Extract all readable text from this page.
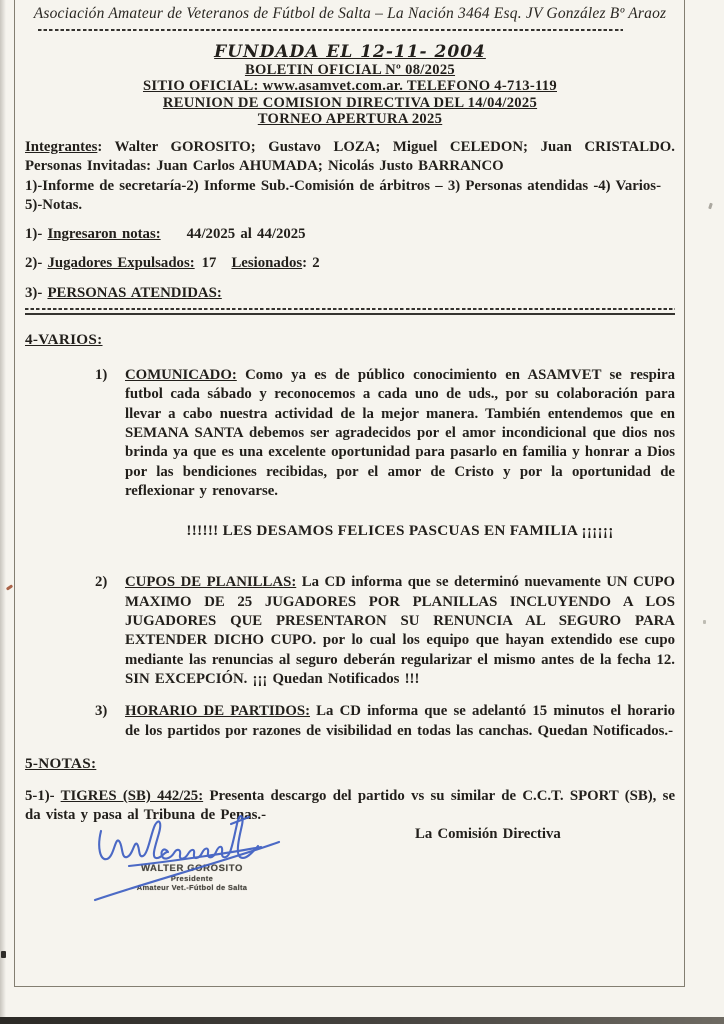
Asociación Amateur de Veteranos de Fútbol de Salta – La Nación 3464 Esq. JV González Bº Araoz
FUNDADA EL 12-11- 2004
BOLETIN OFICIAL Nº 08/2025
SITIO OFICIAL: www.asamvet.com.ar. TELEFONO 4-713-119
REUNION DE COMISION DIRECTIVA DEL 14/04/2025
TORNEO APERTURA 2025
Integrantes: Walter GOROSITO; Gustavo LOZA; Miguel CELEDON; Juan CRISTALDO. Personas Invitadas: Juan Carlos AHUMADA; Nicolás Justo BARRANCO
1)-Informe de secretaría-2) Informe Sub.-Comisión de árbitros – 3) Personas atendidas -4) Varios- 5)-Notas.
1)- Ingresaron notas: 44/2025 al 44/2025
2)- Jugadores Expulsados: 17 Lesionados: 2
3)- PERSONAS ATENDIDAS:
4-VARIOS:
1)	COMUNICADO: Como ya es de público conocimiento en ASAMVET se respira futbol cada sábado y reconocemos a cada uno de uds., por su colaboración para llevar a cabo nuestra actividad de la mejor manera. También entendemos que en SEMANA SANTA debemos ser agradecidos por el amor incondicional que dios nos brinda ya que es una excelente oportunidad para pasarlo en familia y honrar a Dios por las bendiciones recibidas, por el amor de Cristo y por la oportunidad de reflexionar y renovarse.
!!!!!! LES DESAMOS FELICES PASCUAS EN FAMILIA ¡¡¡¡¡¡
2)	CUPOS DE PLANILLAS: La CD informa que se determinó nuevamente UN CUPO MAXIMO DE 25 JUGADORES POR PLANILLAS INCLUYENDO A LOS JUGADORES QUE PRESENTARON SU RENUNCIA AL SEGURO PARA EXTENDER DICHO CUPO. por lo cual los equipo que hayan extendido ese cupo mediante las renuncias al seguro deberán regularizar el mismo antes de la fecha 12. SIN EXCEPCIÓN. ¡¡¡ Quedan Notificados !!!
3)	HORARIO DE PARTIDOS: La CD informa que se adelantó 15 minutos el horario de los partidos por razones de visibilidad en todas las canchas. Quedan Notificados.-
5-NOTAS:
5-1)- TIGRES (SB) 442/25: Presenta descargo del partido vs su similar de C.C.T. SPORT (SB), se da vista y pasa al Tribuna de Penas.-
La Comisión Directiva
WALTER GOROSITO
Presidente
Amateur Vet.-Fútbol de Salta
